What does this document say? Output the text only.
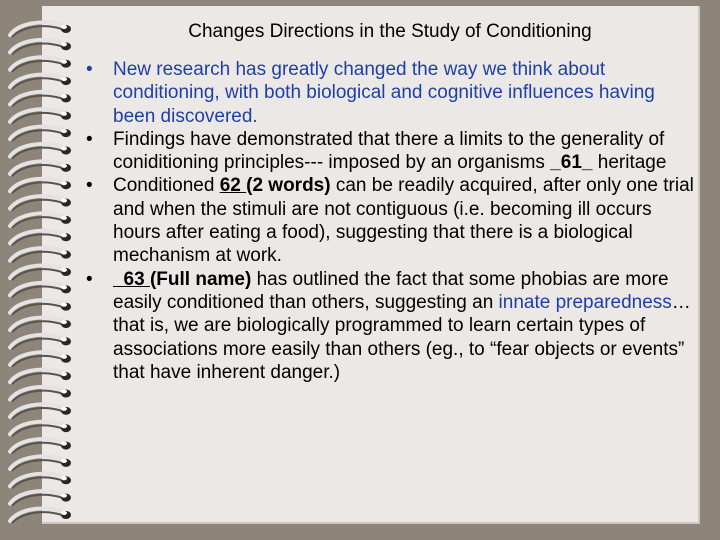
Changes Directions in the Study of Conditioning
• New research has greatly changed the way we think about conditioning, with both biological and cognitive influences having been discovered.
• Findings have demonstrated that there a limits to the generality of coniditioning principles--- imposed by an organisms _61_ heritage
• Conditioned 62 (2 words) can be readily acquired, after only one trial and when the stimuli are not contiguous (i.e. becoming ill occurs hours after eating a food), suggesting that there is a biological mechanism at work.
• 63 (Full name) has outlined the fact that some phobias are more easily conditioned than others, suggesting an innate preparedness…that is, we are biologically programmed to learn certain types of associations more easily than others (eg., to “fear objects or events” that have inherent danger.)
